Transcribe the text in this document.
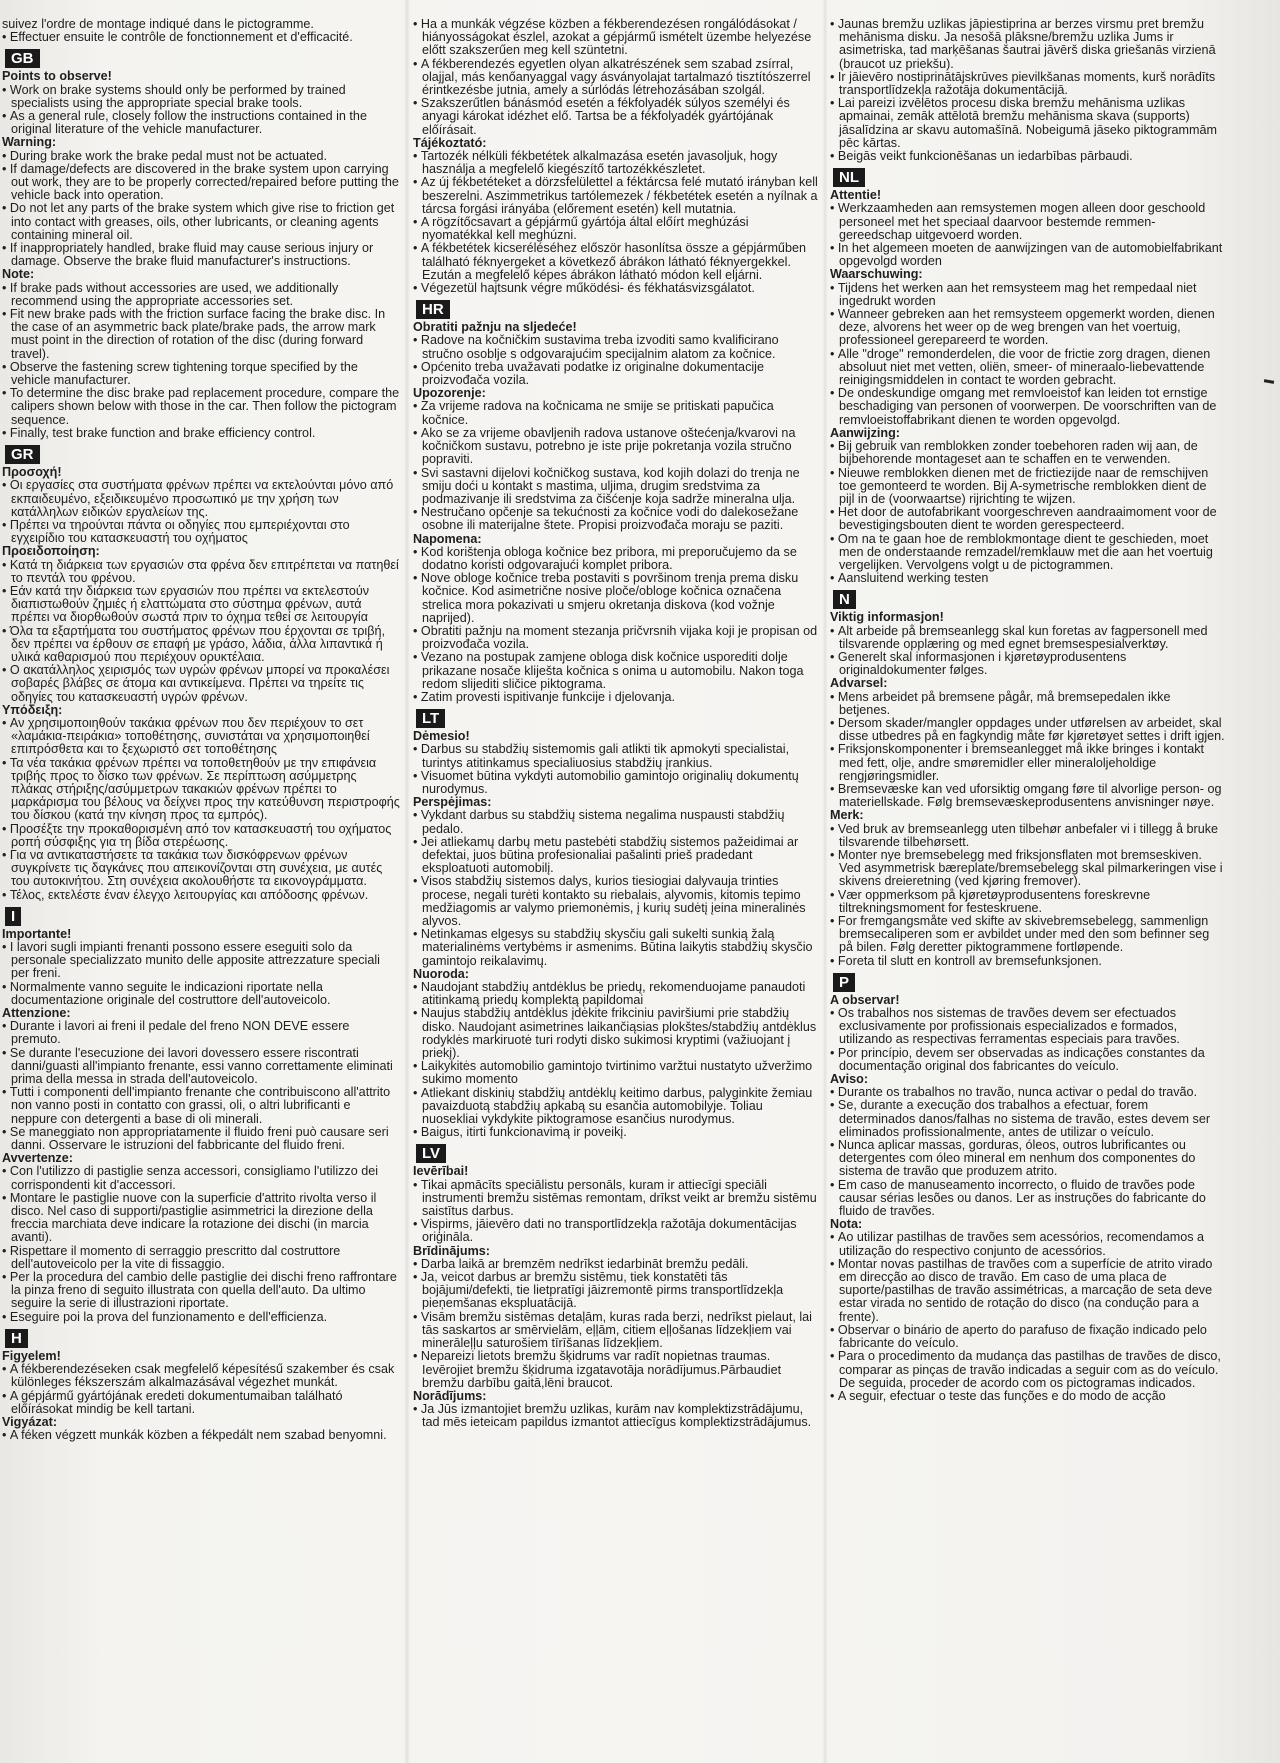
suivez l'ordre de montage indiqué dans le pictogramme.
• Effectuer ensuite le contrôle de fonctionnement et d'efficacité.
GB
Points to observe!
• Work on brake systems should only be performed by trained specialists using the appropriate special brake tools.
• As a general rule, closely follow the instructions contained in the original literature of the vehicle manufacturer.
Warning:
• During brake work the brake pedal must not be actuated.
• If damage/defects are discovered in the brake system upon carrying out work, they are to be properly corrected/repaired before putting the vehicle back into operation.
• Do not let any parts of the brake system which give rise to friction get into contact with greases, oils, other lubricants, or cleaning agents containing mineral oil.
• If inappropriately handled, brake fluid may cause serious injury or damage. Observe the brake fluid manufacturer's instructions.
Note:
• If brake pads without accessories are used, we additionally recommend using the appropriate accessories set.
• Fit new brake pads with the friction surface facing the brake disc. In the case of an asymmetric back plate/brake pads, the arrow mark must point in the direction of rotation of the disc (during forward travel).
• Observe the fastening screw tightening torque specified by the vehicle manufacturer.
• To determine the disc brake pad replacement procedure, compare the calipers shown below with those in the car. Then follow the pictogram sequence.
• Finally, test brake function and brake efficiency control.
GR
Προσοχή!
• Οι εργασίες στα συστήματα φρένων πρέπει να εκτελούνται μόνο από εκπαιδευμένο, εξειδικευμένο προσωπικό με την χρήση των κατάλληλων ειδικών εργαλείων της.
• Πρέπει να τηρούνται πάντα οι οδηγίες που εμπεριέχονται στο εγχειρίδιο του κατασκευαστή του οχήματος
Προειδοποίηση:
• Κατά τη διάρκεια των εργασιών στα φρένα δεν επιτρέπεται να πατηθεί το πεντάλ του φρένου.
• Εάν κατά την διάρκεια των εργασιών που πρέπει να εκτελεστούν διαπιστωθούν ζημιές ή ελαττώματα στο σύστημα φρένων, αυτά πρέπει να διορθωθούν σωστά πριν το όχημα τεθεί σε λειτουργία
• Όλα τα εξαρτήματα του συστήματος φρένων που έρχονται σε τριβή, δεν πρέπει να έρθουν σε επαφή με γράσο, λάδια, άλλα λιπαντικά ή υλικά καθαρισμού που περιέχουν ορυκτέλαια.
• Ο ακατάλληλος χειρισμός των υγρών φρένων μπορεί να προκαλέσει σοβαρές βλάβες σε άτομα και αντικείμενα. Πρέπει να τηρείτε τις οδηγίες του κατασκευαστή υγρών φρένων.
Υπόδειξη:
• Αν χρησιμοποιηθούν τακάκια φρένων που δεν περιέχουν το σετ «λαμάκια-πειράκια» τοποθέτησης, συνιστάται να χρησιμοποιηθεί επιπρόσθετα και το ξεχωριστό σετ τοποθέτησης
• Τα νέα τακάκια φρένων πρέπει να τοποθετηθούν με την επιφάνεια τριβής προς το δίσκο των φρένων. Σε περίπτωση ασύμμετρης πλάκας στήριξης/ασύμμετρων τακακιών φρένων πρέπει το μαρκάρισμα του βέλους να δείχνει προς την κατεύθυνση περιστροφής του δίσκου (κατά την κίνηση προς τα εμπρός).
• Προσέξτε την προκαθορισμένη από τον κατασκευαστή του οχήματος ροπή σύσφιξης για τη βίδα στερέωσης.
• Για να αντικαταστήσετε τα τακάκια των δισκόφρενων φρένων συγκρίνετε τις δαγκάνες που απεικονίζονται στη συνέχεια, με αυτές του αυτοκινήτου. Στη συνέχεια ακολουθήστε τα εικονογράμματα.
• Τέλος, εκτελέστε έναν έλεγχο λειτουργίας και απόδοσης φρένων.
I
Importante!
• I lavori sugli impianti frenanti possono essere eseguiti solo da personale specializzato munito delle apposite attrezzature speciali per freni.
• Normalmente vanno seguite le indicazioni riportate nella documentazione originale del costruttore dell'autoveicolo.
Attenzione:
• Durante i lavori ai freni il pedale del freno NON DEVE essere premuto.
• Se durante l'esecuzione dei lavori dovessero essere riscontrati danni/guasti all'impianto frenante, essi vanno correttamente eliminati prima della messa in strada dell'autoveicolo.
• Tutti i componenti dell'impianto frenante che contribuiscono all'attrito non vanno posti in contatto con grassi, oli, o altri lubrificanti e neppure con detergenti a base di oli minerali.
• Se maneggiato non appropriatamente il fluido freni può causare seri danni. Osservare le istruzioni del fabbricante del fluido freni.
Avvertenze:
• Con l'utilizzo di pastiglie senza accessori, consigliamo l'utilizzo dei corrispondenti kit d'accessori.
• Montare le pastiglie nuove con la superficie d'attrito rivolta verso il disco. Nel caso di supporti/pastiglie asimmetrici la direzione della freccia marchiata deve indicare la rotazione dei dischi (in marcia avanti).
• Rispettare il momento di serraggio prescritto dal costruttore dell'autoveicolo per la vite di fissaggio.
• Per la procedura del cambio delle pastiglie dei dischi freno raffrontare la pinza freno di seguito illustrata con quella dell'auto. Da ultimo seguire la serie di illustrazioni riportate.
• Eseguire poi la prova del funzionamento e dell'efficienza.
H
Figyelem!
• A fékberendezéseken csak megfelelő képesítésű szakember és csak különleges fékszerszám alkalmazásával végezhet munkát.
• A gépjármű gyártójának eredeti dokumentumaiban található előírásokat mindig be kell tartani.
Vigyázat:
• A féken végzett munkák közben a fékpedált nem szabad benyomni.
• Ha a munkák végzése közben a fékberendezésen rongálódásokat / hiányosságokat észlel, azokat a gépjármű ismételt üzembe helyezése előtt szakszerűen meg kell szüntetni.
• A fékberendezés egyetlen olyan alkatrészének sem szabad zsírral, olajjal, más kenőanyaggal vagy ásványolajat tartalmazó tisztítószerrel érintkezésbe jutnia, amely a súrlódás létrehozásában szolgál.
• Szakszerűtlen bánásmód esetén a fékfolyadék súlyos személyi és anyagi károkat idézhet elő. Tartsa be a fékfolyadék gyártójának előírásait.
Tájékoztató:
• Tartozék nélküli fékbetétek alkalmazása esetén javasoljuk, hogy használja a megfelelő kiegészítő tartozékkészletet.
• Az új fékbetéteket a dörzsfelülettel a féktárcsa felé mutató irányban kell beszerelni. Aszimmetrikus tartólemezek / fékbetétek esetén a nyílnak a tárcsa forgási irányába (előrement esetén) kell mutatnia.
• A rögzítőcsavart a gépjármű gyártója által előírt meghúzási nyomatékkal kell meghúzni.
• A fékbetétek kicseréléséhez először hasonlítsa össze a gépjárműben található féknyergeket a következő ábrákon látható féknyergekkel. Ezután a megfelelő képes ábrákon látható módon kell eljárni.
• Végezetül hajtsunk végre működési- és fékhatásvizsgálatot.
HR
Obratiti pažnju na sljedeće!
• Radove na kočničkim sustavima treba izvoditi samo kvalificirano stručno osoblje s odgovarajućim specijalnim alatom za kočnice.
• Općenito treba uvažavati podatke iz originalne dokumentacije proizvođača vozila.
Upozorenje:
• Za vrijeme radova na kočnicama ne smije se pritiskati papučica kočnice.
• Ako se za vrijeme obavljenih radova ustanove oštećenja/kvarovi na kočničkom sustavu, potrebno je iste prije pokretanja vozila stručno popraviti.
• Svi sastavni dijelovi kočničkog sustava, kod kojih dolazi do trenja ne smiju doći u kontakt s mastima, uljima, drugim sredstvima za podmazivanje ili sredstvima za čišćenje koja sadrže mineralna ulja.
• Nestručano opčenje sa tekućnosti za kočnice vodi do dalekosežane osobne ili materijalne štete. Propisi proizvođača moraju se paziti.
Napomena:
• Kod korištenja obloga kočnice bez pribora, mi preporučujemo da se dodatno koristi odgovarajući komplet pribora.
• Nove obloge kočnice treba postaviti s površinom trenja prema disku kočnice. Kod asimetrične nosive ploče/obloge kočnica označena strelica mora pokazivati u smjeru okretanja diskova (kod vožnje naprijed).
• Obratiti pažnju na moment stezanja pričvrsnih vijaka koji je propisan od proizvođača vozila.
• Vezano na postupak zamjene obloga disk kočnice usporediti dolje prikazane nosače kliješta kočnica s onima u automobilu. Nakon toga redom slijediti sličice piktograma.
• Zatim provesti ispitivanje funkcije i djelovanja.
LT
Dėmesio!
• Darbus su stabdžių sistemomis gali atlikti tik apmokyti specialistai, turintys atitinkamus specialiuosius stabdžių įrankius.
• Visuomet būtina vykdyti automobilio gamintojo originalių dokumentų nurodymus.
Perspėjimas:
• Vykdant darbus su stabdžių sistema negalima nuspausti stabdžių pedalo.
• Jei atliekamų darbų metu pastebėti stabdžių sistemos pažeidimai ar defektai, juos būtina profesionaliai pašalinti prieš pradedant eksploatuoti automobilį.
• Visos stabdžių sistemos dalys, kurios tiesiogiai dalyvauja trinties procese, negali turėti kontakto su riebalais, alyvomis, kitomis tepimo medžiagomis ar valymo priemonėmis, į kurių sudėtį įeina mineralinės alyvos.
• Netinkamas elgesys su stabdžių skysčiu gali sukelti sunkią žalą materialinėms vertybėms ir asmenims. Būtina laikytis stabdžių skysčio gamintojo reikalavimų.
Nuoroda:
• Naudojant stabdžių antdėklus be priedų, rekomenduojame panaudoti atitinkamą priedų komplektą papildomai
• Naujus stabdžių antdėklus įdėkite frikciniu paviršiumi prie stabdžių disko. Naudojant asimetrines laikančiąsias plokštes/stabdžių antdėklus rodyklės markiruotė turi rodyti disko sukimosi kryptimi (važiuojant į priekį).
• Laikykitės automobilio gamintojo tvirtinimo varžtui nustatyto užveržimo sukimo momento
• Atliekant diskinių stabdžių antdėklų keitimo darbus, palyginkite žemiau pavaizduotą stabdžių apkabą su esančia automobilyje. Toliau nuosekliai vykdykite piktogramose esančius nurodymus.
• Baigus, itirti funkcionavimą ir poveikį.
LV
Ievērībai!
• Tikai apmācīts speciālistu personāls, kuram ir attiecīgi speciāli instrumenti bremžu sistēmas remontam, drīkst veikt ar bremžu sistēmu saistītus darbus.
• Vispirms, jāievēro dati no transportlīdzekļa ražotāja dokumentācijas oriģināla.
Brīdinājums:
• Darba laikā ar bremzēm nedrīkst iedarbināt bremžu pedāli.
• Ja, veicot darbus ar bremžu sistēmu, tiek konstatēti tās bojājumi/defekti, tie lietpratīgi jāizremontē pirms transportlīdzekļa pieņemšanas ekspluatācijā.
• Visām bremžu sistēmas detaļām, kuras rada berzi, nedrīkst pielaut, lai tās saskartos ar smērvielām, eļļām, citiem eļļošanas līdzekļiem vai minerāleļļu saturošiem tīrīšanas līdzekļiem.
• Nepareizi lietots bremžu šķidrums var radīt nopietnas traumas. Ievērojiet bremžu šķidruma izgatavotāja norādījumus.Pārbaudiet bremžu darbību gaitā,lēni braucot.
Norādījums:
• Ja Jūs izmantojiet bremžu uzlikas, kurām nav komplektizstrādājumu, tad mēs ieteicam papildus izmantot attiecīgus komplektizstrādājumus.
• Jaunas bremžu uzlikas jāpiestiprina ar berzes virsmu pret bremžu mehānisma disku. Ja nesošā plāksne/bremžu uzlika Jums ir asimetriska, tad marķēšanas šautrai jāvērš diska griešanās virzienā (braucot uz priekšu).
• Ir jāievēro nostiprinātājskrūves pievilkšanas moments, kurš norādīts transportlīdzekļa ražotāja dokumentācijā.
• Lai pareizi izvēlētos procesu diska bremžu mehānisma uzlikas apmainai, zemāk attēlotā bremžu mehānisma skava (supports) jāsalīdzina ar skavu automašīnā. Nobeigumā jāseko piktogrammām pēc kārtas.
• Beigās veikt funkcionēšanas un iedarbības pārbaudi.
NL
Attentie!
• Werkzaamheden aan remsystemen mogen alleen door geschoold personeel met het speciaal daarvoor bestemde remmen-gereedschap uitgevoerd worden.
• In het algemeen moeten de aanwijzingen van de automobielfabrikant opgevolgd worden
Waarschuwing:
• Tijdens het werken aan het remsysteem mag het rempedaal niet ingedrukt worden
• Wanneer gebreken aan het remsysteem opgemerkt worden, dienen deze, alvorens het weer op de weg brengen van het voertuig, professioneel gerepareerd te worden.
• Alle "droge" remonderdelen, die voor de frictie zorg dragen, dienen absoluut niet met vetten, oliën, smeer- of mineraalo-liebevattende reinigingsmiddelen in contact te worden gebracht.
• De ondeskundige omgang met remvloeistof kan leiden tot ernstige beschadiging van personen of voorwerpen. De voorschriften van de remvloeistoffabrikant dienen te worden opgevolgd.
Aanwijzing:
• Bij gebruik van remblokken zonder toebehoren raden wij aan, de bijbehorende montageset aan te schaffen en te verwenden.
• Nieuwe remblokken dienen met de frictiezijde naar de remschijven toe gemonteerd te worden. Bij A-symetrische remblokken dient de pijl in de (voorwaartse) rijrichting te wijzen.
• Het door de autofabrikant voorgeschreven aandraaimoment voor de bevestigingsbouten dient te worden gerespecteerd.
• Om na te gaan hoe de remblokmontage dient te geschieden, moet men de onderstaande remzadel/remklauw met die aan het voertuig vergelijken. Vervolgens volgt u de pictogrammen.
• Aansluitend werking testen
N
Viktig informasjon!
• Alt arbeide på bremseanlegg skal kun foretas av fagpersonell med tilsvarende opplæring og med egnet bremsespesialverktøy.
• Generelt skal informasjonen i kjøretøyprodusentens originaldokumenter følges.
Advarsel:
• Mens arbeidet på bremsene pågår, må bremsepedalen ikke betjenes.
• Dersom skader/mangler oppdages under utførelsen av arbeidet, skal disse utbedres på en fagkyndig måte før kjøretøyet settes i drift igjen.
• Friksjonskomponenter i bremseanlegget må ikke bringes i kontakt med fett, olje, andre smøremidler eller mineraloljeholdige rengjøringsmidler.
• Bremsevæske kan ved uforsiktig omgang føre til alvorlige person- og materiellskade. Følg bremsevæskeprodusentens anvisninger nøye.
Merk:
• Ved bruk av bremseanlegg uten tilbehør anbefaler vi i tillegg å bruke tilsvarende tilbehørsett.
• Monter nye bremsebelegg med friksjonsflaten mot bremseskiven. Ved asymmetrisk bæreplate/bremsebelegg skal pilmarkeringen vise i skivens dreieretning (ved kjøring fremover).
• Vær oppmerksom på kjøretøyprodusentens foreskrevne tiltrekningsmoment for festeskruene.
• For fremgangsmåte ved skifte av skivebremsebelegg, sammenlign bremsecaliperen som er avbildet under med den som befinner seg på bilen. Følg deretter piktogrammene fortløpende.
• Foreta til slutt en kontroll av bremsefunksjonen.
P
A observar!
• Os trabalhos nos sistemas de travões devem ser efectuados exclusivamente por profissionais especializados e formados, utilizando as respectivas ferramentas especiais para travões.
• Por princípio, devem ser observadas as indicações constantes da documentação original dos fabricantes do veículo.
Aviso:
• Durante os trabalhos no travão, nunca activar o pedal do travão.
• Se, durante a execução dos trabalhos a efectuar, forem determinados danos/falhas no sistema de travão, estes devem ser eliminados profissionalmente, antes de utilizar o veículo.
• Nunca aplicar massas, gorduras, óleos, outros lubrificantes ou detergentes com óleo mineral em nenhum dos componentes do sistema de travão que produzem atrito.
• Em caso de manuseamento incorrecto, o fluido de travões pode causar sérias lesões ou danos. Ler as instruções do fabricante do fluido de travões.
Nota:
• Ao utilizar pastilhas de travões sem acessórios, recomendamos a utilização do respectivo conjunto de acessórios.
• Montar novas pastilhas de travões com a superfície de atrito virado em direcção ao disco de travão. Em caso de uma placa de suporte/pastilhas de travão assimétricas, a marcação de seta deve estar virada no sentido de rotação do disco (na condução para a frente).
• Observar o binário de aperto do parafuso de fixação indicado pelo fabricante do veículo.
• Para o procedimento da mudança das pastilhas de travões de disco, comparar as pinças de travão indicadas a seguir com as do veículo. De seguida, proceder de acordo com os pictogramas indicados.
• A seguir, efectuar o teste das funções e do modo de acção
